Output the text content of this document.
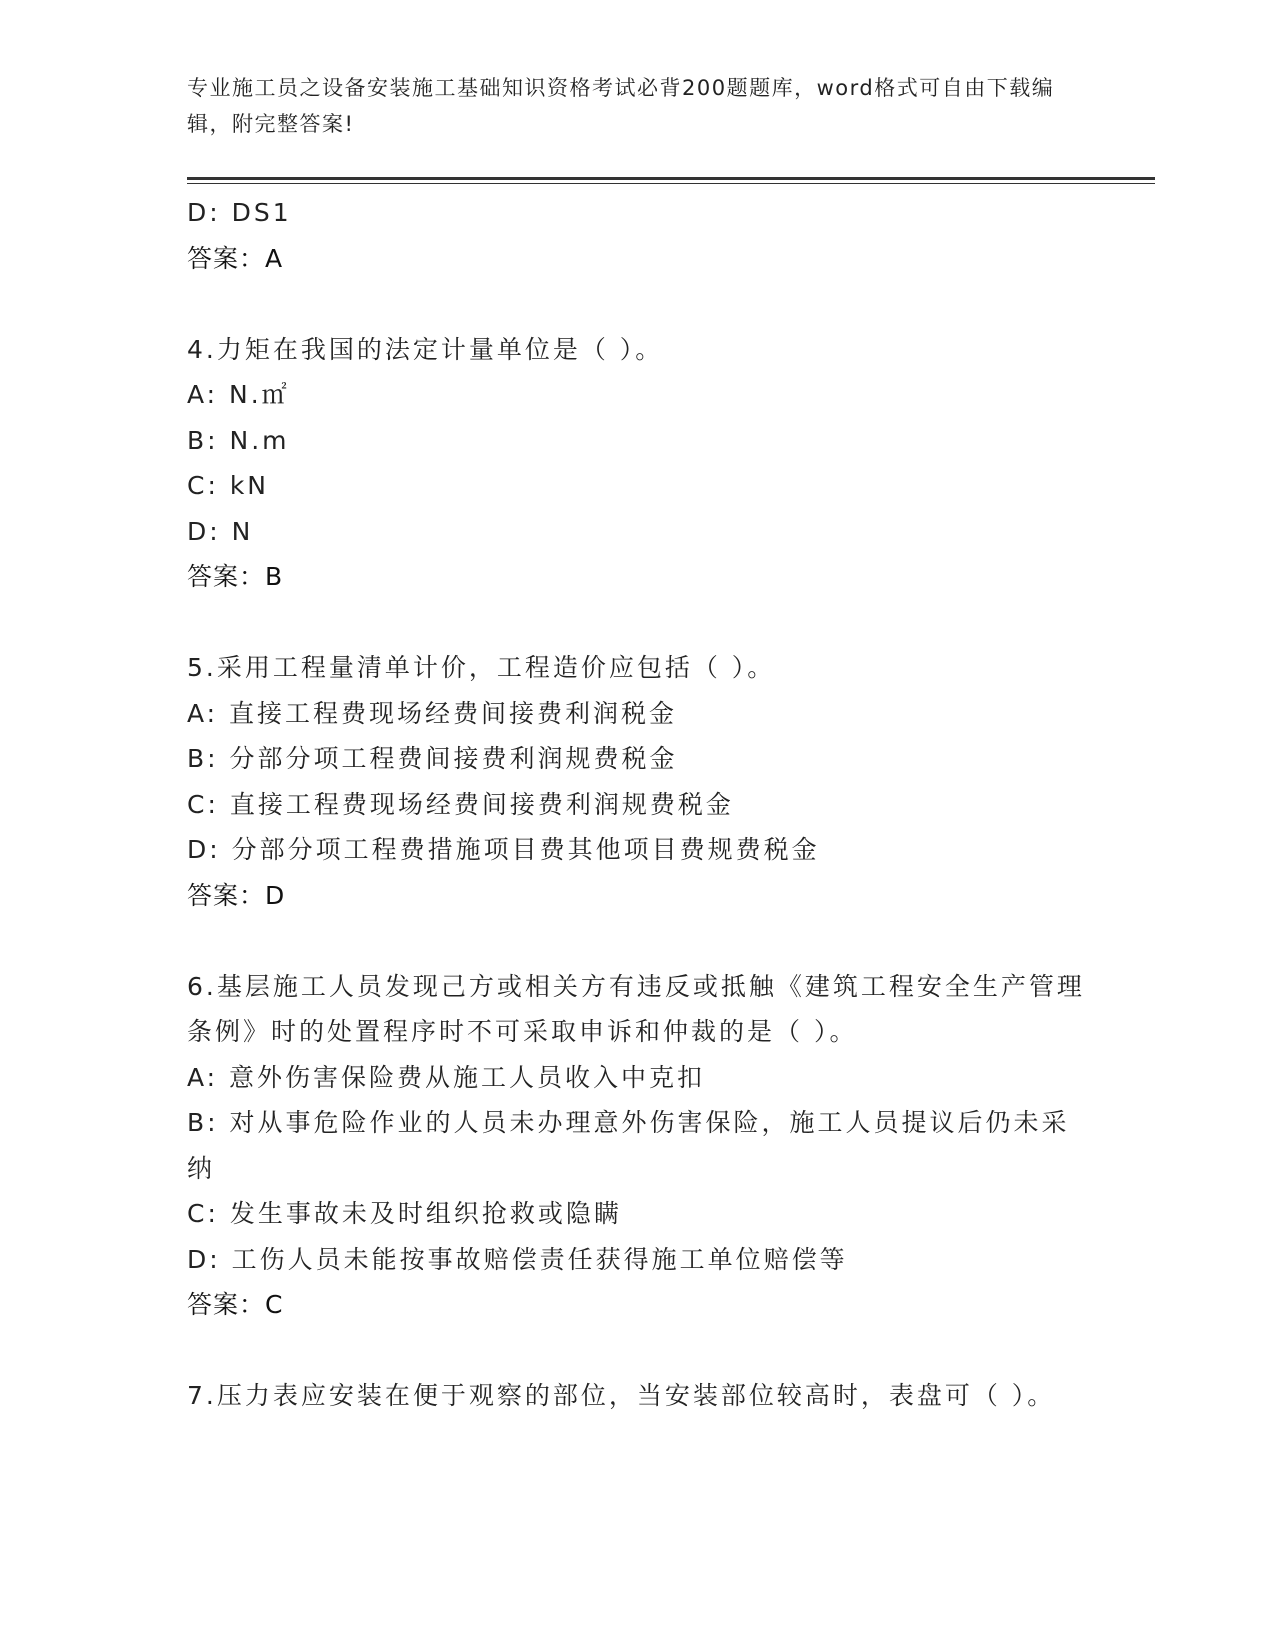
专业施工员之设备安装施工基础知识资格考试必背200题题库，word格式可自由下载编辑，附完整答案!
D: DS1
答案：A
4.力矩在我国的法定计量单位是（ ）。
A: N.㎡
B: N.m
C: kN
D: N
答案：B
5.采用工程量清单计价，工程造价应包括（ ）。
A: 直接工程费现场经费间接费利润税金
B: 分部分项工程费间接费利润规费税金
C: 直接工程费现场经费间接费利润规费税金
D: 分部分项工程费措施项目费其他项目费规费税金
答案：D
6.基层施工人员发现己方或相关方有违反或抵触《建筑工程安全生产管理条例》时的处置程序时不可采取申诉和仲裁的是（ ）。
A: 意外伤害保险费从施工人员收入中克扣
B: 对从事危险作业的人员未办理意外伤害保险，施工人员提议后仍未采纳
C: 发生事故未及时组织抢救或隐瞒
D: 工伤人员未能按事故赔偿责任获得施工单位赔偿等
答案：C
7.压力表应安装在便于观察的部位，当安装部位较高时，表盘可（ ）。
